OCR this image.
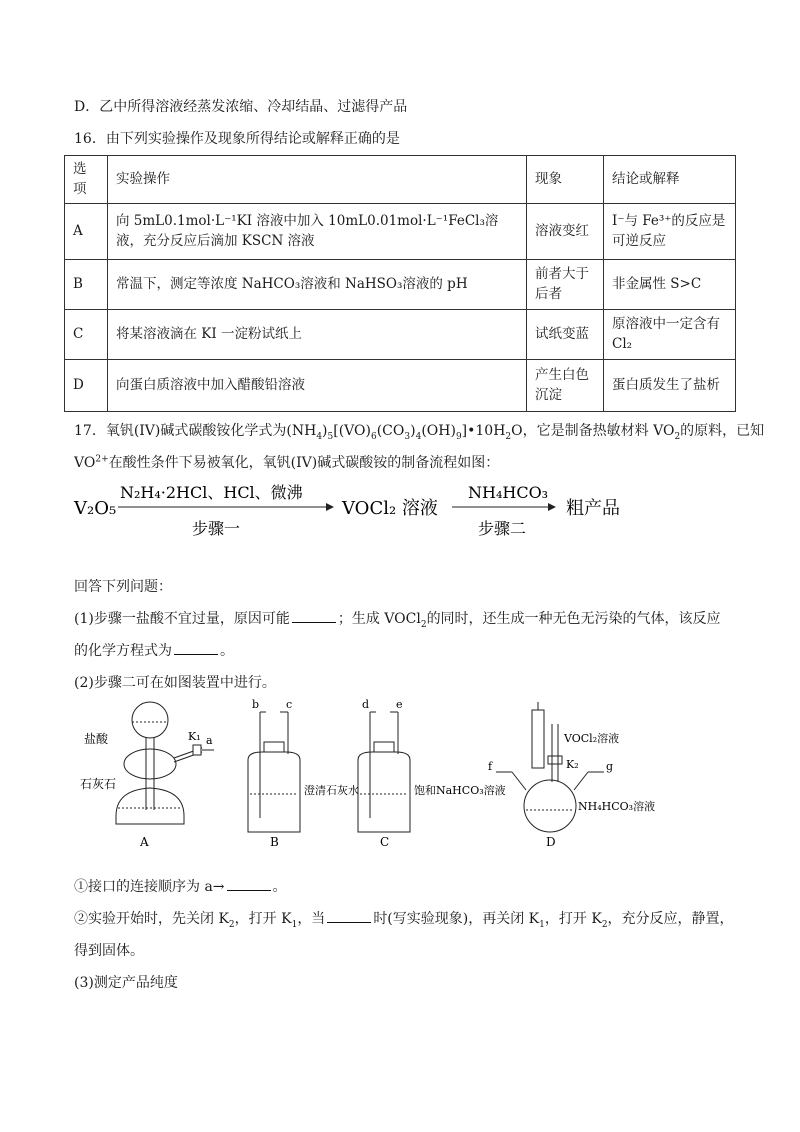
D．乙中所得溶液经蒸发浓缩、冷却结晶、过滤得产品
16．由下列实验操作及现象所得结论或解释正确的是
选项	实验操作	现象	结论或解释
A	向 5mL0.1mol·L⁻¹KI 溶液中加入 10mL0.01mol·L⁻¹FeCl₃溶液，充分反应后滴加 KSCN 溶液	溶液变红	I⁻与 Fe³⁺的反应是可逆反应
B	常温下，测定等浓度 NaHCO₃溶液和 NaHSO₃溶液的 pH	前者大于后者	非金属性 S>C
C	将某溶液滴在 KI 一淀粉试纸上	试纸变蓝	原溶液中一定含有 Cl₂
D	向蛋白质溶液中加入醋酸铅溶液	产生白色沉淀	蛋白质发生了盐析
17．氧钒(IV)碱式碳酸铵化学式为$(NH_4)_5[(VO)_6(CO_3)_4(OH)_9]•10H_2O$，它是制备热敏材料 $VO_2$的原料，已知
$VO^{2+}$在酸性条件下易被氧化，氧钒(IV)碱式碳酸铵的制备流程如图：
V₂O₅
N₂H₄·2HCl、HCl、微沸
步骤一
VOCl₂ 溶液
NH₄HCO₃
步骤二
粗产品
回答下列问题：
(1)步骤一盐酸不宜过量，原因可能	；生成 VOCl$_2$的同时，还生成一种无色无污染的气体，该反应
的化学方程式为	。
(2)步骤二可在如图装置中进行。
盐酸
石灰石
K₁ a
A
b c
澄清石灰水
B
d e
饱和NaHCO₃溶液
C
VOCl₂溶液
K₂
f	g
NH₄HCO₃溶液
D
①接口的连接顺序为 a→	。
②实验开始时，先关闭 $K_2$，打开 $K_1$，当	时(写实验现象)，再关闭 $K_1$，打开 $K_2$，充分反应，静置，
得到固体。
(3)测定产品纯度
